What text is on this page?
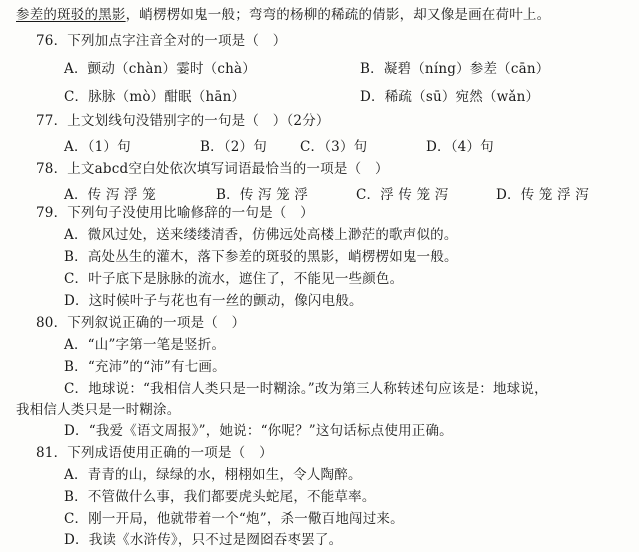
参差的斑驳的黑影，峭楞楞如鬼一般；弯弯的杨柳的稀疏的倩影，却又像是画在荷叶上。
76．下列加点字注音全对的一项是（　）
A．颤动（chàn）霎时（chà）	B．凝碧（níng）参差（cān）
C．脉脉（mò）酣眠（hān）	D．稀疏（sū）宛然（wǎn）
77．上文划线句没错别字的一句是（　）（2分）
A．（1）句	B．（2）句 C．（3）句	D．（4）句
78．上文abcd空白处依次填写词语最恰当的一项是（　）
A．传 泻 浮 笼	B．传 泻 笼 浮	C．浮 传 笼 泻	D．传 笼 浮 泻
79．下列句子没使用比喻修辞的一句是（　）
A．微风过处，送来缕缕清香，仿佛远处高楼上渺茫的歌声似的。
B．高处丛生的灌木，落下参差的斑驳的黑影，峭楞楞如鬼一般。
C．叶子底下是脉脉的流水，遮住了，不能见一些颜色。
D．这时候叶子与花也有一丝的颤动，像闪电般。
80．下列叙说正确的一项是（　）
A．“山”字第一笔是竖折。
B．“充沛”的“沛”有七画。
C．地球说：“我相信人类只是一时糊涂。”改为第三人称转述句应该是：地球说，
我相信人类只是一时糊涂。
D．“我爱《语文周报》”，她说：“你呢？”这句话标点使用正确。
81．下列成语使用正确的一项是（　）
A．青青的山，绿绿的水，栩栩如生，令人陶醉。
B．不管做什么事，我们都要虎头蛇尾，不能草率。
C．刚一开局，他就带着一个“炮”，杀一儆百地闯过来。
D．我读《水浒传》，只不过是囫囵吞枣罢了。
